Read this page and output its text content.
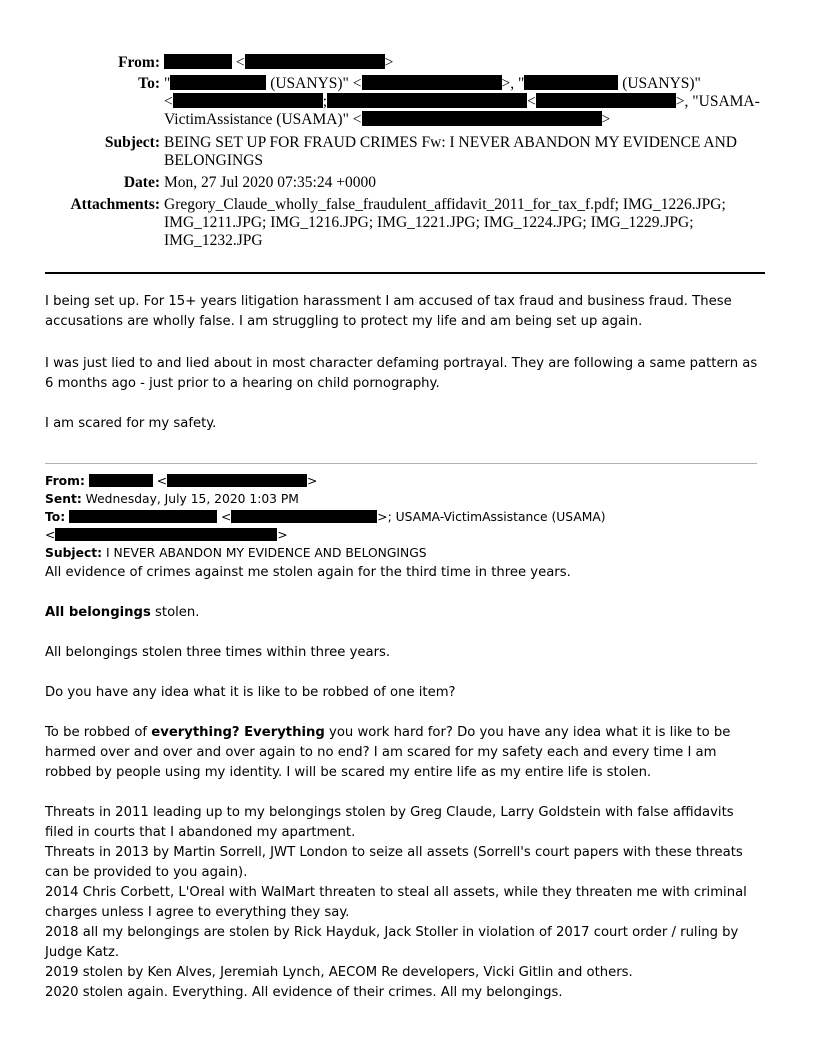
From:	<	>
To: "	(USANYS)" <	>, "	(USANYS)"
<	;	<	>, "USAMA-
VictimAssistance (USAMA)" <	>
Subject: BEING SET UP FOR FRAUD CRIMES Fw: I NEVER ABANDON MY EVIDENCE AND BELONGINGS
Date: Mon, 27 Jul 2020 07:35:24 +0000
Attachments: Gregory_Claude_wholly_false_fraudulent_affidavit_2011_for_tax_f.pdf; IMG_1226.JPG; IMG_1211.JPG; IMG_1216.JPG; IMG_1221.JPG; IMG_1224.JPG; IMG_1229.JPG; IMG_1232.JPG
I being set up. For 15+ years litigation harassment I am accused of tax fraud and business fraud. These accusations are wholly false. I am struggling to protect my life and am being set up again.
I was just lied to and lied about in most character defaming portrayal. They are following a same pattern as 6 months ago - just prior to a hearing on child pornography.
I am scared for my safety.
From:	<	>
Sent: Wednesday, July 15, 2020 1:03 PM
To:	<	>; USAMA-VictimAssistance (USAMA)
<	>
Subject: I NEVER ABANDON MY EVIDENCE AND BELONGINGS
All evidence of crimes against me stolen again for the third time in three years.
All belongings stolen.
All belongings stolen three times within three years.
Do you have any idea what it is like to be robbed of one item?
To be robbed of everything? Everything you work hard for? Do you have any idea what it is like to be harmed over and over and over again to no end? I am scared for my safety each and every time I am robbed by people using my identity. I will be scared my entire life as my entire life is stolen.
Threats in 2011 leading up to my belongings stolen by Greg Claude, Larry Goldstein with false affidavits filed in courts that I abandoned my apartment.
Threats in 2013 by Martin Sorrell, JWT London to seize all assets (Sorrell's court papers with these threats can be provided to you again).
2014 Chris Corbett, L'Oreal with WalMart threaten to steal all assets, while they threaten me with criminal charges unless I agree to everything they say.
2018 all my belongings are stolen by Rick Hayduk, Jack Stoller in violation of 2017 court order / ruling by Judge Katz.
2019 stolen by Ken Alves, Jeremiah Lynch, AECOM Re developers, Vicki Gitlin and others.
2020 stolen again. Everything. All evidence of their crimes. All my belongings.
